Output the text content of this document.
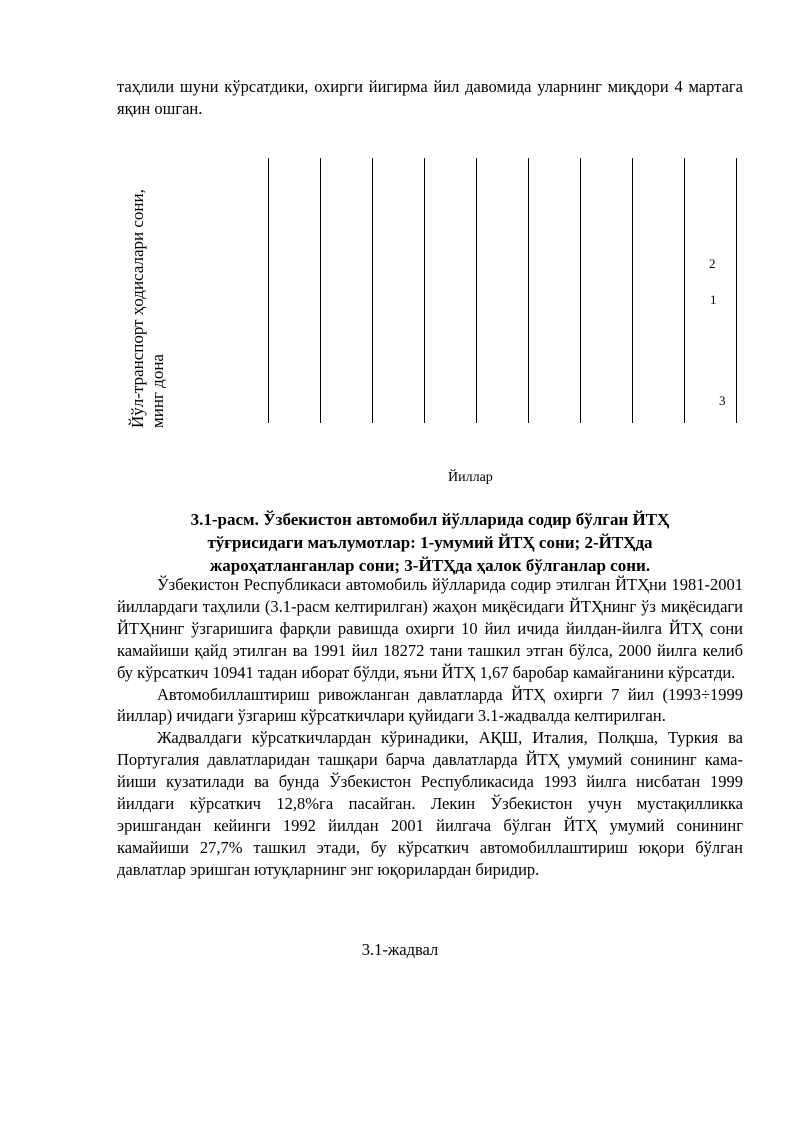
таҳлили шуни кўрсатдики, охирги йигирма йил давомида уларнинг миқдори 4 мартага яқин ошган.

Йўл-транспорт ҳодисалари сони, минг дона
2
1
3
Йиллар
3.1-расм. Ўзбекистон автомобил йўлларида содир бўлган ЙТҲ тўғрисидаги маълумотлар: 1-умумий ЙТҲ сони; 2-ЙТҲда жароҳатланганлар сони; 3-ЙТҲда ҳалок бўлганлар сони.

Ўзбекистон Республикаси автомобиль йўлларида содир этилган ЙТҲни 1981-2001 йиллардаги таҳлили (3.1-расм келтирилган) жаҳон миқёсидаги ЙТҲнинг ўз миқёсидаги ЙТҲнинг ўзгаришига фарқли равишда охирги 10 йил ичида йилдан-йилга ЙТҲ сони камайиши қайд этилган ва 1991 йил 18272 тани ташкил этган бўлса, 2000 йилга келиб бу кўрсаткич 10941 тадан иборат бўлди, яъни ЙТҲ 1,67 баробар камайганини кўрсатди.

Автомобиллаштириш ривожланган давлатларда ЙТҲ охирги 7 йил (1993÷1999 йиллар) ичидаги ўзгариш кўрсаткичлари қуйидаги 3.1-жадвалда келтирилган.

Жадвалдаги кўрсаткичлардан кўринадики, АҚШ, Италия, Полқша, Туркия ва Португалия давлатларидан ташқари барча давлатларда ЙТҲ умумий сонининг кама-йиши кузатилади ва бунда Ўзбекистон Республикасида 1993 йилга нисбатан 1999 йилдаги кўрсаткич 12,8%га пасайган. Лекин Ўзбекистон учун мустақилликка эришгандан кейинги 1992 йилдан 2001 йилгача бўлган ЙТҲ умумий сонининг камайиши 27,7% ташкил этади, бу кўрсаткич автомобиллаштириш юқори бўлган давлатлар эришган ютуқларнинг энг юқорилардан биридир.

3.1-жадвал
